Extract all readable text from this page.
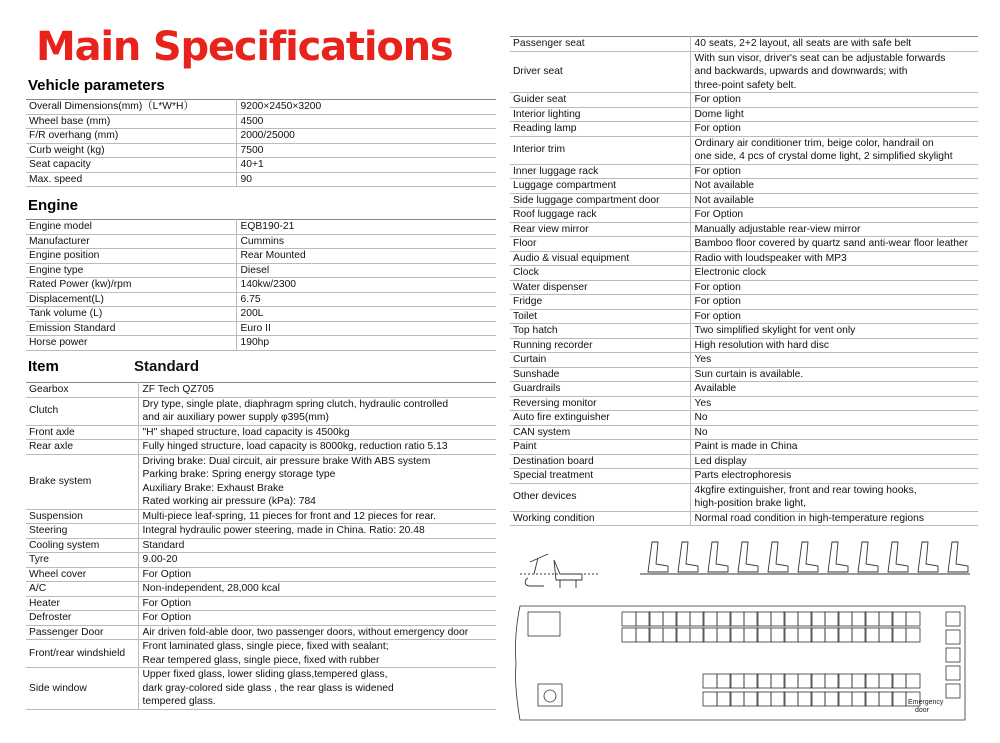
Main Specifications
Vehicle parameters
Overall Dimensions(mm)（L*W*H）	9200×2450×3200
Wheel base (mm)	4500
F/R overhang (mm)	2000/25000
Curb weight (kg)	7500
Seat capacity	40+1
Max. speed	90
Engine
Engine model	EQB190-21
Manufacturer	Cummins
Engine position	Rear Mounted
Engine type	Diesel
Rated Power (kw)/rpm	140kw/2300
Displacement(L)	6.75
Tank volume (L)	200L
Emission Standard	Euro II
Horse power	190hp
Item	Standard
Gearbox	ZF Tech QZ705

Clutch	Dry type, single plate, diaphragm spring clutch, hydraulic controlled
and air auxiliary power supply φ395(mm)

Front axle	"H" shaped structure, load capacity is 4500kg

Rear axle	Fully hinged structure, load capacity is 8000kg, reduction ratio 5.13

Brake system	Driving brake: Dual circuit, air pressure brake With ABS system
Parking brake: Spring energy storage type
Auxiliary Brake: Exhaust Brake
Rated working air pressure (kPa): 784

Suspension	Multi-piece leaf-spring, 11 pieces for front and 12 pieces for rear.

Steering	Integral hydraulic power steering, made in China. Ratio: 20.48

Cooling system	Standard

Tyre	9.00-20

Wheel cover	For Option

A/C	Non-independent, 28,000 kcal

Heater	For Option

Defroster	For Option

Passenger Door	Air driven fold-able door, two passenger doors, without emergency door

Front/rear windshield	Front laminated glass, single piece, fixed with sealant;
Rear tempered glass, single piece, fixed with rubber

Side window	Upper fixed glass, lower sliding glass,tempered glass,
dark gray-colored side glass , the rear glass is widened
tempered glass.
Passenger seat	40 seats, 2+2 layout, all seats are with safe belt

Driver seat	With sun visor, driver's seat can be adjustable forwards
and backwards, upwards and downwards; with
three-point safety belt.

Guider seat	For option

Interior lighting	Dome light

Reading lamp	For option

Interior trim	Ordinary air conditioner trim, beige color, handrail on
one side, 4 pcs of crystal dome light, 2 simplified skylight

Inner luggage rack	For option

Luggage compartment	Not available

Side luggage compartment door	Not available

Roof luggage rack	For Option

Rear view mirror	Manually adjustable rear-view mirror

Floor	Bamboo floor covered by quartz sand anti-wear floor leather

Audio & visual equipment	Radio with loudspeaker with MP3

Clock	Electronic clock

Water dispenser	For option

Fridge	For option

Toilet	For option

Top hatch	Two simplified skylight for vent only

Running recorder	High resolution with hard disc

Curtain	Yes

Sunshade	Sun curtain is available.

Guardrails	Available

Reversing monitor	Yes

Auto fire extinguisher	No

CAN system	No

Paint	Paint is made in China

Destination board	Led display

Special treatment	Parts electrophoresis

Other devices	4kgfire extinguisher, front and rear towing hooks,
high-position brake light,

Working condition	Normal road condition in high-temperature regions
Emergency
door
